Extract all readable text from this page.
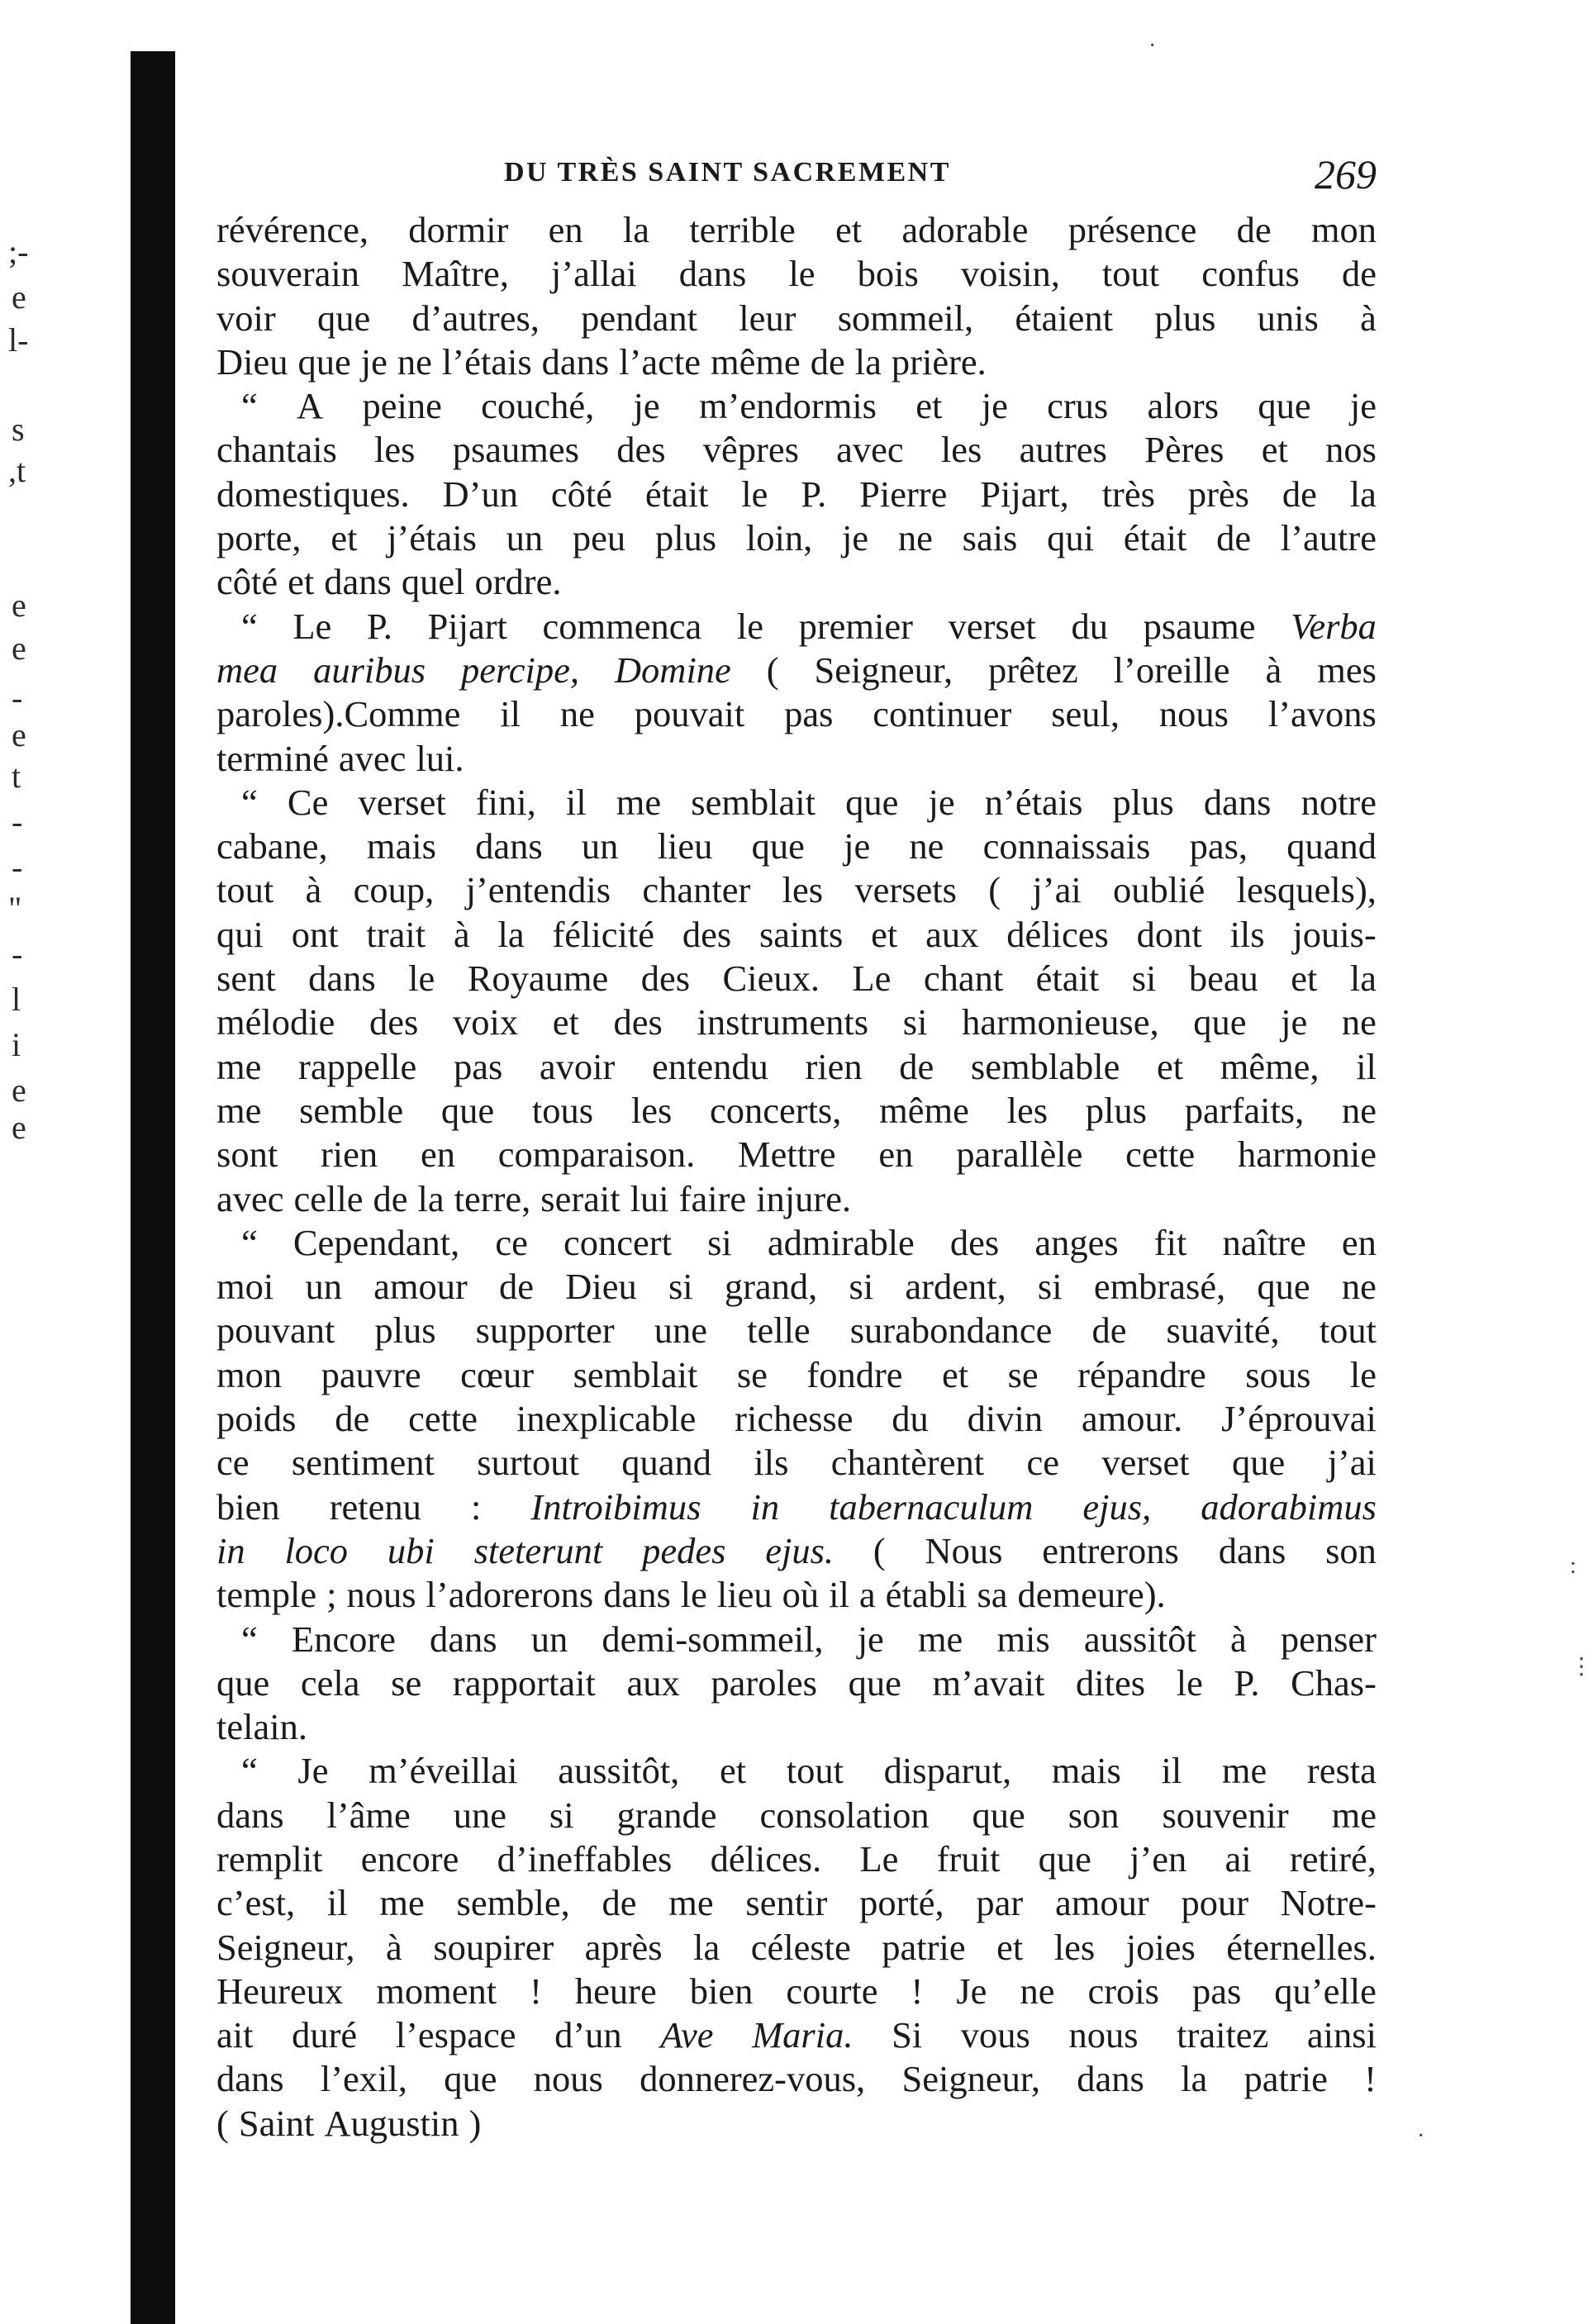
;-
e
l-
s
,t
e
e
-
e
t
-
-
"
-
l
i
e
e
·
:
⋮
·
DU TRÈS SAINT SACREMENT	269
révérence, dormir en la terrible et adorable présence de mon
souverain Maître, j’allai dans le bois voisin, tout confus de
voir que d’autres, pendant leur sommeil, étaient plus unis à
Dieu que je ne l’étais dans l’acte même de la prière.
“ A peine couché, je m’endormis et je crus alors que je
chantais les psaumes des vêpres avec les autres Pères et nos
domestiques. D’un côté était le P. Pierre Pijart, très près de la
porte, et j’étais un peu plus loin, je ne sais qui était de l’autre
côté et dans quel ordre.
“ Le P. Pijart commenca le premier verset du psaume Verba
mea auribus percipe, Domine ( Seigneur, prêtez l’oreille à mes
paroles).Comme il ne pouvait pas continuer seul, nous l’avons
terminé avec lui.
“ Ce verset fini, il me semblait que je n’étais plus dans notre
cabane, mais dans un lieu que je ne connaissais pas, quand
tout à coup, j’entendis chanter les versets ( j’ai oublié lesquels),
qui ont trait à la félicité des saints et aux délices dont ils jouis-
sent dans le Royaume des Cieux. Le chant était si beau et la
mélodie des voix et des instruments si harmonieuse, que je ne
me rappelle pas avoir entendu rien de semblable et même, il
me semble que tous les concerts, même les plus parfaits, ne
sont rien en comparaison. Mettre en parallèle cette harmonie
avec celle de la terre, serait lui faire injure.
“ Cependant, ce concert si admirable des anges fit naître en
moi un amour de Dieu si grand, si ardent, si embrasé, que ne
pouvant plus supporter une telle surabondance de suavité, tout
mon pauvre cœur semblait se fondre et se répandre sous le
poids de cette inexplicable richesse du divin amour. J’éprouvai
ce sentiment surtout quand ils chantèrent ce verset que j’ai
bien retenu : Introibimus in tabernaculum ejus, adorabimus
in loco ubi steterunt pedes ejus. ( Nous entrerons dans son
temple ; nous l’adorerons dans le lieu où il a établi sa demeure).
“ Encore dans un demi-sommeil, je me mis aussitôt à penser
que cela se rapportait aux paroles que m’avait dites le P. Chas-
telain.
“ Je m’éveillai aussitôt, et tout disparut, mais il me resta
dans l’âme une si grande consolation que son souvenir me
remplit encore d’ineffables délices. Le fruit que j’en ai retiré,
c’est, il me semble, de me sentir porté, par amour pour Notre-
Seigneur, à soupirer après la céleste patrie et les joies éternelles.
Heureux moment ! heure bien courte ! Je ne crois pas qu’elle
ait duré l’espace d’un Ave Maria. Si vous nous traitez ainsi
dans l’exil, que nous donnerez-vous, Seigneur, dans la patrie !
( Saint Augustin )
